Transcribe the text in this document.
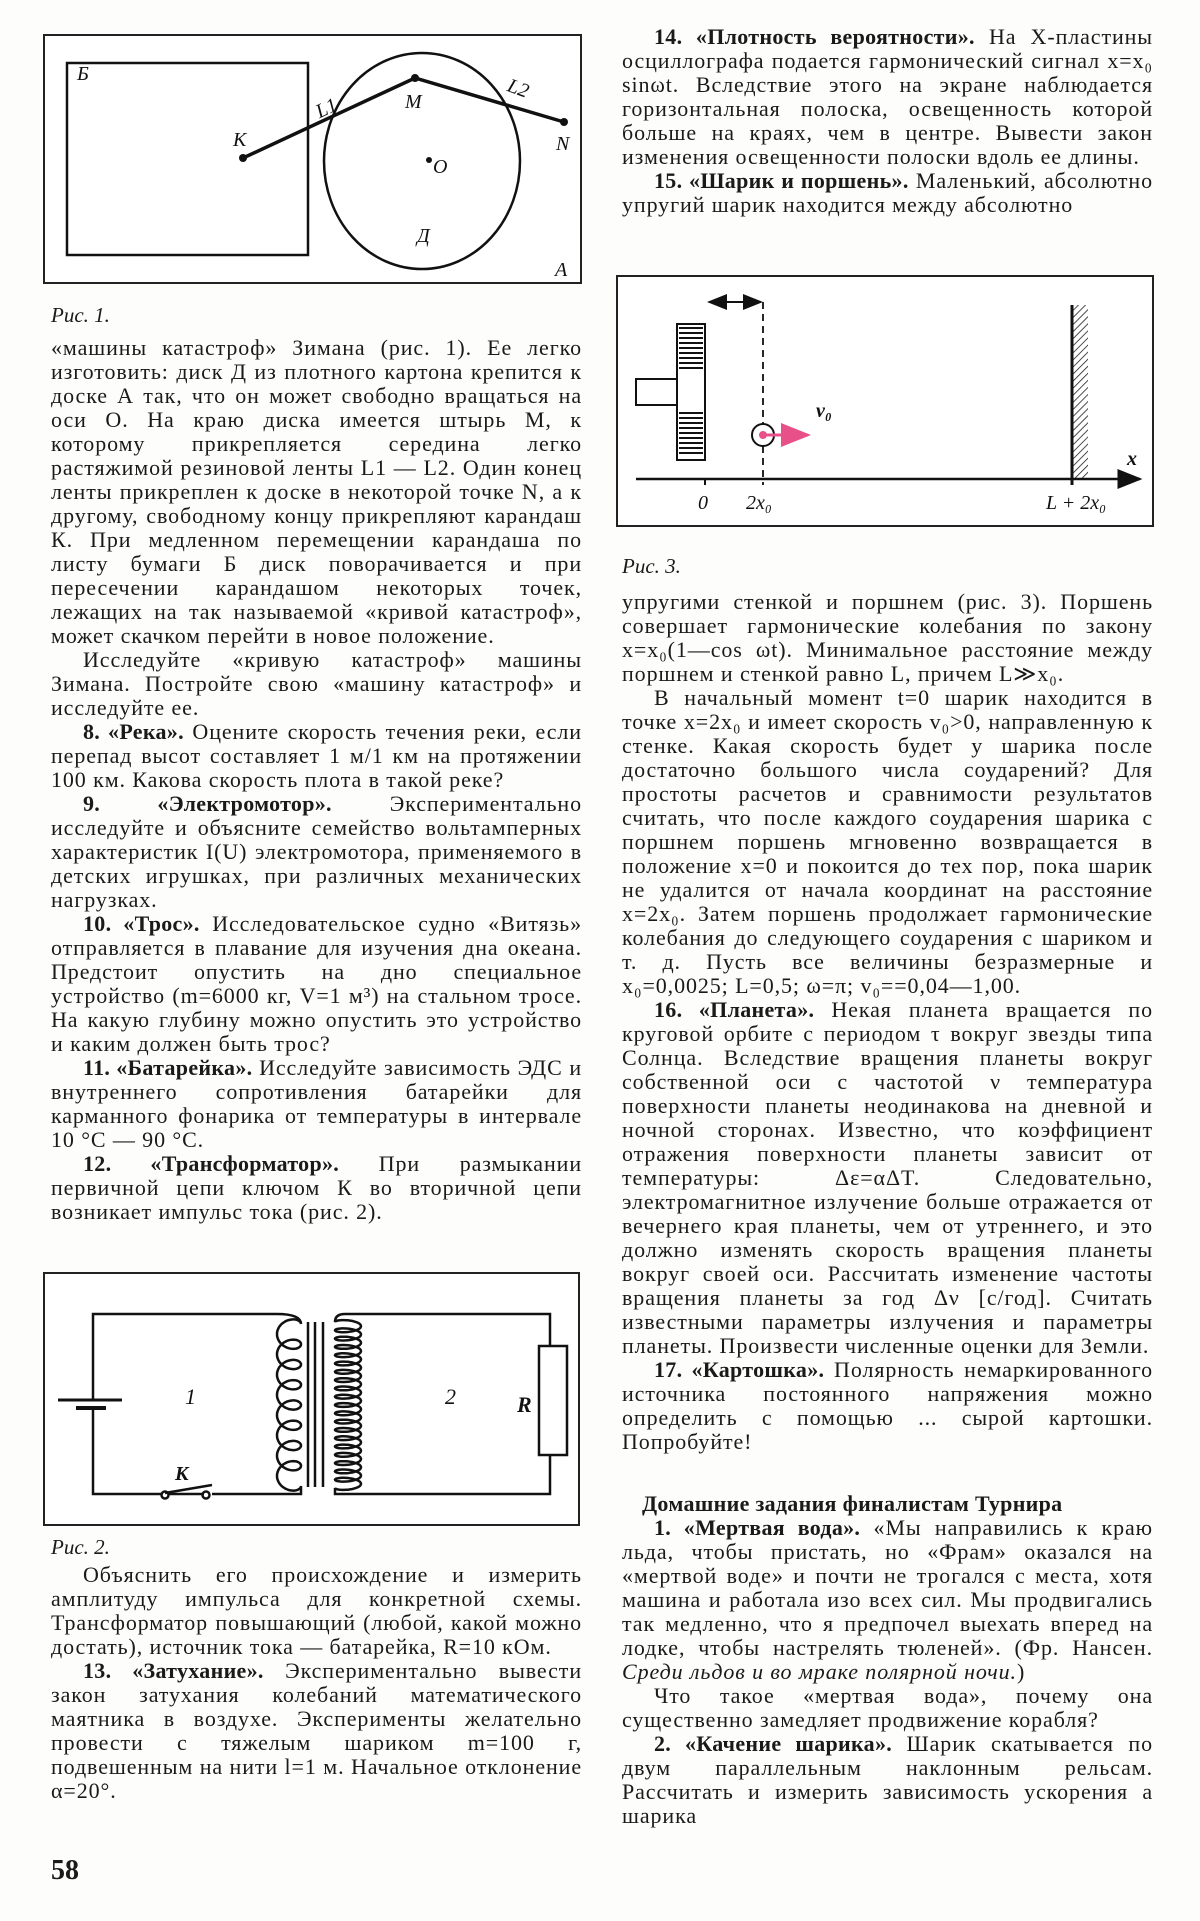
Б
L1	М	L2
К	N
О
Д
А
Рис. 1.

«машины катастроф» Зимана (рис. 1). Ее легко изготовить: диск Д из плотного картона крепится к доске А так, что он может свободно вращаться на оси О. На краю диска имеется штырь М, к которому прикрепляется середина легко растяжимой резиновой ленты L1 — L2. Один конец ленты прикреплен к доске в некоторой точке N, а к другому, свободному концу прикрепляют карандаш К. При медленном перемещении карандаша по листу бумаги Б диск поворачивается и при пересечении карандашом некоторых точек, лежащих на так называемой «кривой катастроф», может скачком перейти в новое положение.

Исследуйте «кривую катастроф» машины Зимана. Постройте свою «машину катастроф» и исследуйте ее.

8. «Река». Оцените скорость течения реки, если перепад высот составляет 1 м/1 км на протяжении 100 км. Какова скорость плота в такой реке?

9. «Электромотор». Экспериментально исследуйте и объясните семейство вольтамперных характеристик I(U) электромотора, применяемого в детских игрушках, при различных механических нагрузках.

10. «Трос». Исследовательское судно «Витязь» отправляется в плавание для изучения дна океана. Предстоит опустить на дно специальное устройство (m=6000 кг, V=1 м³) на стальном тросе. На какую глубину можно опустить это устройство и каким должен быть трос?

11. «Батарейка». Исследуйте зависимость ЭДС и внутреннего сопротивления батарейки для карманного фонарика от температуры в интервале 10 °С — 90 °С.

12. «Трансформатор». При размыкании первичной цепи ключом К во вторичной цепи возникает импульс тока (рис. 2).

1	2	R
К
Рис. 2.

Объяснить его происхождение и измерить амплитуду импульса для конкретной схемы. Трансформатор повышающий (любой, какой можно достать), источник тока — батарейка, R=10 кОм.

13. «Затухание». Экспериментально вывести закон затухания колебаний математического маятника в воздухе. Эксперименты желательно провести с тяжелым шариком m=100 г, подвешенным на нити l=1 м. Начальное отклонение α=20°.

58

14. «Плотность вероятности». На X-пластины осциллографа подается гармонический сигнал x=x₀ sinωt. Вследствие этого на экране наблюдается горизонтальная полоска, освещенность которой больше на краях, чем в центре. Вывести закон изменения освещенности полоски вдоль ее длины.

15. «Шарик и поршень». Маленький, абсолютно упругий шарик находится между абсолютно

v₀
0 2x₀	L + 2x₀
x
Рис. 3.

упругими стенкой и поршнем (рис. 3). Поршень совершает гармонические колебания по закону x=x₀(1—cos ωt). Минимальное расстояние между поршнем и стенкой равно L, причем L≫x₀.

В начальный момент t=0 шарик находится в точке x=2x₀ и имеет скорость v₀>0, направленную к стенке. Какая скорость будет у шарика после достаточно большого числа соударений? Для простоты расчетов и сравнимости результатов считать, что после каждого соударения шарика с поршнем поршень мгновенно возвращается в положение x=0 и покоится до тех пор, пока шарик не удалится от начала координат на расстояние x=2x₀. Затем поршень продолжает гармонические колебания до следующего соударения с шариком и т. д. Пусть все величины безразмерные и x₀=0,0025; L=0,5; ω=π; v₀==0,04—1,00.

16. «Планета». Некая планета вращается по круговой орбите с периодом τ вокруг звезды типа Солнца. Вследствие вращения планеты вокруг собственной оси с частотой ν температура поверхности планеты неодинакова на дневной и ночной сторонах. Известно, что коэффициент отражения поверхности планеты зависит от температуры: Δε=αΔT. Следовательно, электромагнитное излучение больше отражается от вечернего края планеты, чем от утреннего, и это должно изменять скорость вращения планеты вокруг своей оси. Рассчитать изменение частоты вращения планеты за год Δν [с/год]. Считать известными параметры излучения и параметры планеты. Произвести численные оценки для Земли.

17. «Картошка». Полярность немаркированного источника постоянного напряжения можно определить с помощью ... сырой картошки. Попробуйте!

Домашние задания финалистам Турнира

1. «Мертвая вода». «Мы направились к краю льда, чтобы пристать, но «Фрам» оказался на «мертвой воде» и почти не трогался с места, хотя машина и работала изо всех сил. Мы продвигались так медленно, что я предпочел выехать вперед на лодке, чтобы настрелять тюленей». (Фр. Нансен. Среди льдов и во мраке полярной ночи.)

Что такое «мертвая вода», почему она существенно замедляет продвижение корабля?

2. «Качение шарика». Шарик скатывается по двум параллельным наклонным рельсам. Рассчитать и измерить зависимость ускорения a шарика
